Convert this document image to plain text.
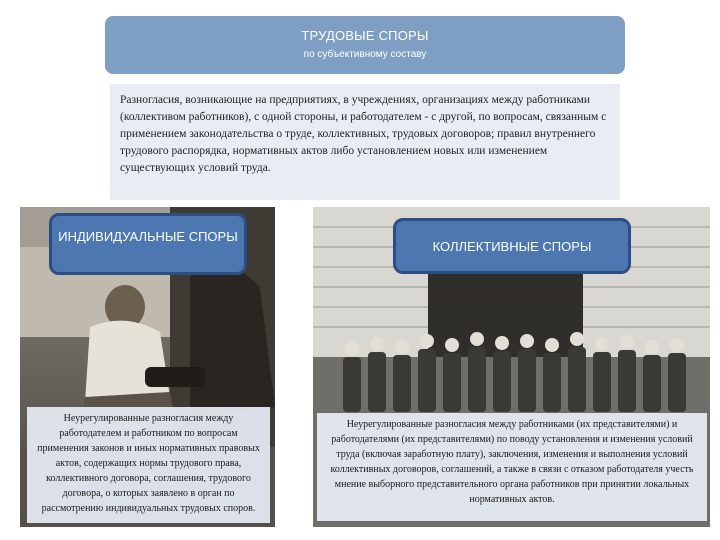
ТРУДОВЫЕ СПОРЫ
по субъективному составу
Разногласия, возникающие на предприятиях, в учреждениях, организациях между работниками (коллективом работников), с одной стороны, и работодателем - с другой, по вопросам, связанным с применением законодательства о труде, коллективных, трудовых договоров; правил внутреннего трудового распорядка, нормативных актов либо установлением новых или изменением существующих условий труда.
ИНДИВИДУАЛЬНЫЕ СПОРЫ
КОЛЛЕКТИВНЫЕ СПОРЫ
Неурегулированные разногласия между работодателем и работником по вопросам применения законов и иных нормативных правовых актов, содержащих нормы трудового права, коллективного договора, соглашения, трудового договора, о которых заявлено в орган по рассмотрению индивидуальных трудовых споров.
Неурегулированные разногласия между работниками (их представителями) и работодателями (их представителями) по поводу установления и изменения условий труда (включая заработную плату), заключения, изменения и выполнения условий коллективных договоров, соглашений, а также в связи с отказом работодателя учесть мнение выборного представительного органа работников при принятии локальных нормативных актов.
